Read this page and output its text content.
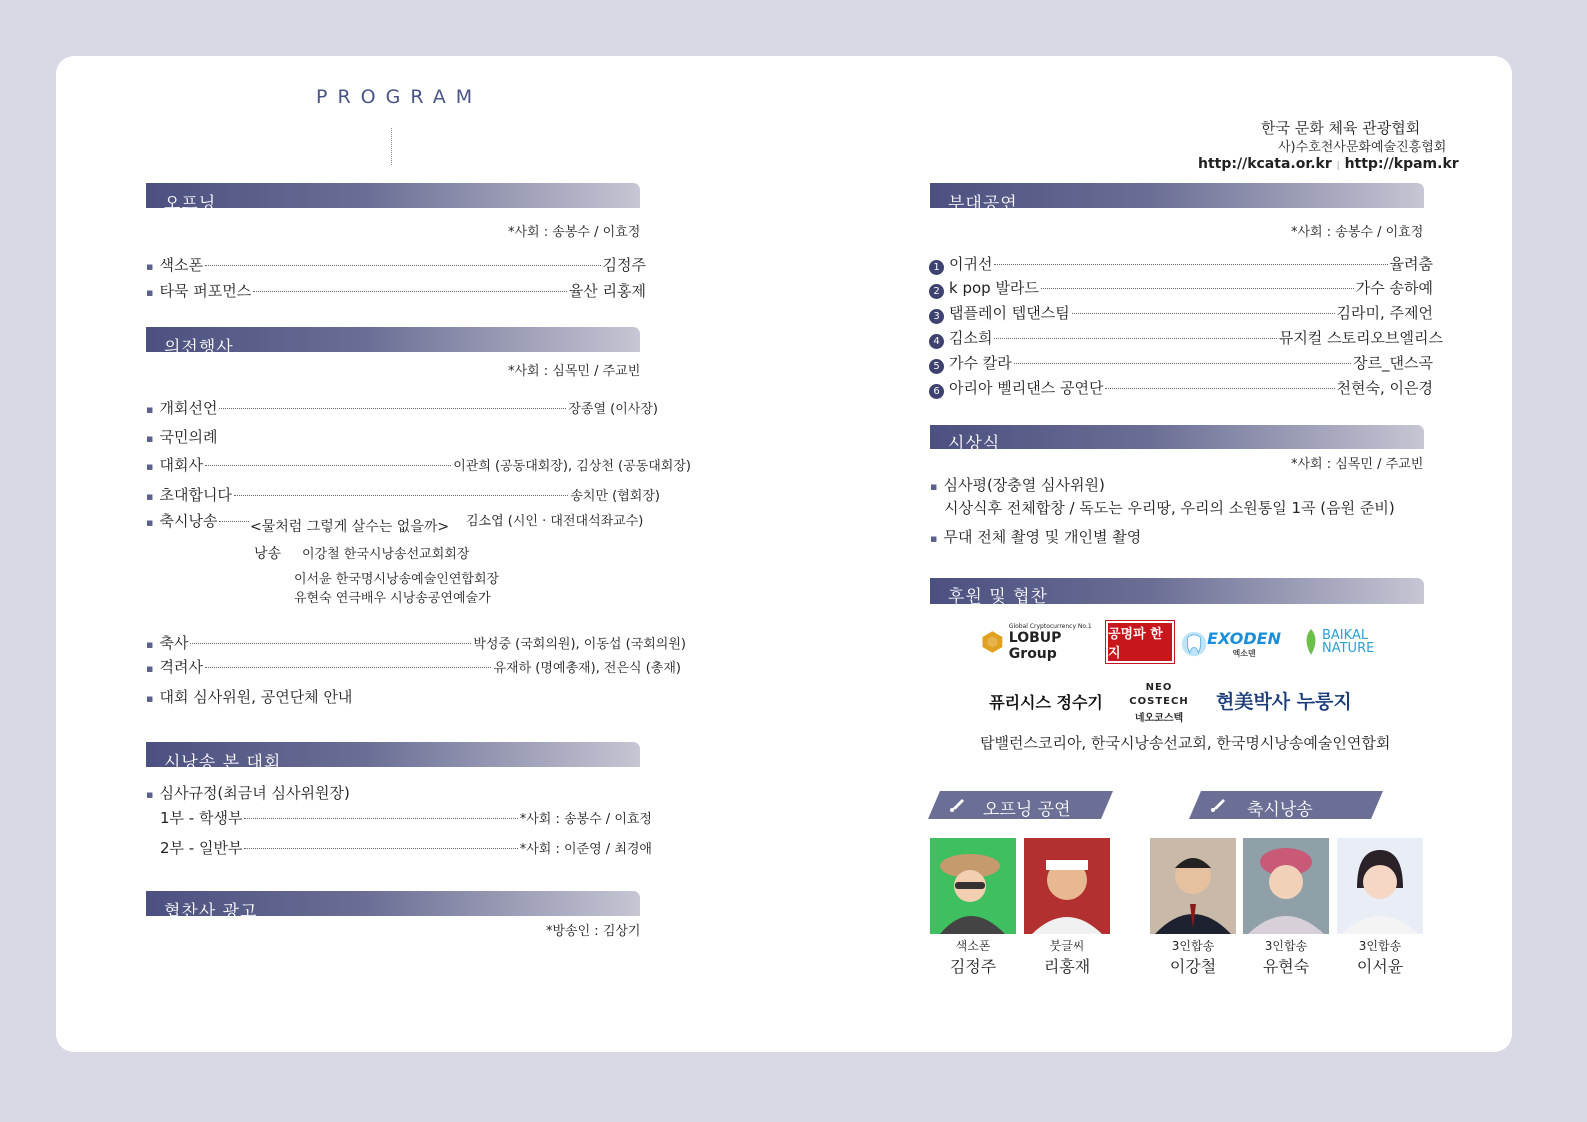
PROGRAM
오프닝
*사회 : 송봉수 / 이효정
▪ 색소폰	김정주
▪ 타묵 퍼포먼스	율산 리홍제
의전행사
*사회 : 심목민 / 주교빈
▪ 개회선언	장종열 (이사장)
▪ 국민의례
▪ 대회사	이관희 (공동대회장), 김상천 (공동대회장)
▪ 초대합니다	송치만 (협회장)
▪ 축시낭송 <물처럼 그렇게 살수는 없을까> 김소엽 (시인 · 대전대석좌교수)
낭송 이강철 한국시낭송선교회회장
이서윤 한국명시낭송예술인연합회장
유현숙 연극배우 시낭송공연예술가
▪ 축사	박성중 (국회의원), 이동섭 (국회의원)
▪ 격려사	유재하 (명예총재), 전은식 (총재)
▪ 대회 심사위원, 공연단체 안내
시낭송 본 대회
▪ 심사규정(최금녀 심사위원장)
1부 - 학생부	*사회 : 송봉수 / 이효정
2부 - 일반부	*사회 : 이준영 / 최경애
협찬사 광고
*방송인 : 김상기
한국 문화 체육 관광협회
사)수호천사문화예술진흥협회
http://kcata.or.kr | http://kpam.kr
부대공연
*사회 : 송봉수 / 이효정
1 이귀선	율려춤
2 k pop 발라드	가수 송하예
3 탭플레이 텝댄스팀	김라미, 주제언
4 김소희	뮤지컬 스토리오브엘리스
5 가수 칼라	장르_댄스곡
6 아리아 벨리댄스 공연단	천현숙, 이은경
시상식
*사회 : 심목민 / 주교빈
▪ 심사평(장충열 심사위원)
시상식후 전체합창 / 독도는 우리땅, 우리의 소원통일 1곡 (음원 준비)
▪ 무대 전체 촬영 및 개인별 촬영
후원 및 협찬
Global Cryptocurrency No.1
LOBUP Group
공명파 한지
EXODEN
엑소덴
BAIKAL NATURE
퓨리시스 정수기
NEO COSTECH
네오코스텍
현美박사 누룽지
탑밸런스코리아, 한국시낭송선교회, 한국명시낭송예술인연합회
오프닝 공연	축시낭송
색소폰
김정주
붓글씨
리홍재
3인합송
이강철
3인합송
유현숙
3인합송
이서윤
